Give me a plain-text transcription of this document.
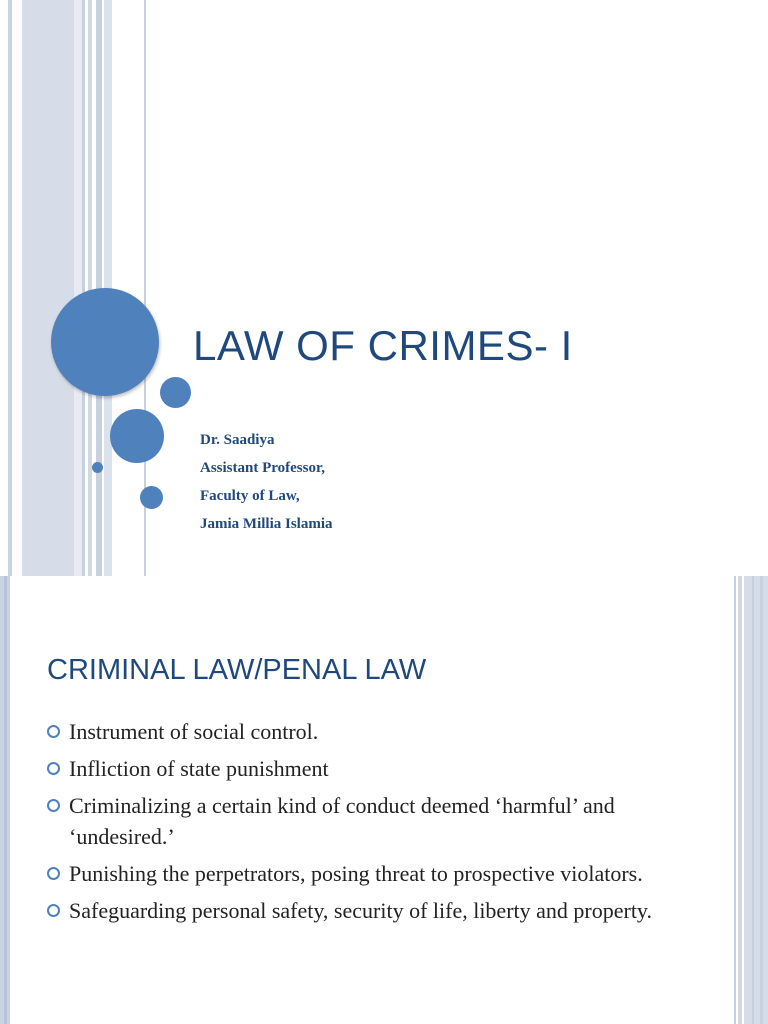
LAW OF CRIMES- I
Dr. Saadiya
Assistant Professor,
Faculty of Law,
Jamia Millia Islamia
CRIMINAL LAW/PENAL LAW
Instrument of social control.
Infliction of state punishment
Criminalizing a certain kind of conduct deemed ‘harmful’ and ‘undesired.’
Punishing the perpetrators, posing threat to prospective violators.
Safeguarding personal safety, security of life, liberty and property.
